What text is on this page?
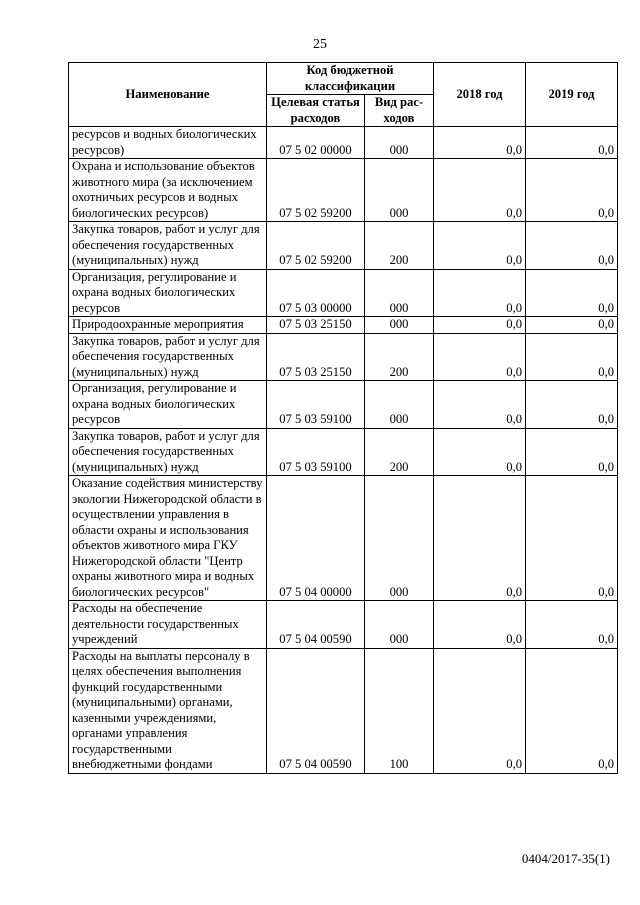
25
Наименование	Код бюджетной классификации		2018 год	2019 год
	Целевая статья расходов	Вид рас-ходов		
ресурсов и водных биологических ресурсов)	07 5 02 00000	000	0,0	0,0
Охрана и использование объектов животного мира (за исключением охотничьих ресурсов и водных биологических ресурсов)	07 5 02 59200	000	0,0	0,0
Закупка товаров, работ и услуг для обеспечения государственных (муниципальных) нужд	07 5 02 59200	200	0,0	0,0
Организация, регулирование и охрана водных биологических ресурсов	07 5 03 00000	000	0,0	0,0
Природоохранные мероприятия	07 5 03 25150	000	0,0	0,0
Закупка товаров, работ и услуг для обеспечения государственных (муниципальных) нужд	07 5 03 25150	200	0,0	0,0
Организация, регулирование и охрана водных биологических ресурсов	07 5 03 59100	000	0,0	0,0
Закупка товаров, работ и услуг для обеспечения государственных (муниципальных) нужд	07 5 03 59100	200	0,0	0,0
Оказание содействия министерству экологии Нижегородской области в осуществлении управления в области охраны и использования объектов животного мира ГКУ Нижегородской области "Центр охраны животного мира и водных биологических ресурсов"	07 5 04 00000	000	0,0	0,0
Расходы на обеспечение деятельности государственных учреждений	07 5 04 00590	000	0,0	0,0
Расходы на выплаты персоналу в целях обеспечения выполнения функций государственными (муниципальными) органами, казенными учреждениями, органами управления государственными внебюджетными фондами	07 5 04 00590	100	0,0	0,0
0404/2017-35(1)
